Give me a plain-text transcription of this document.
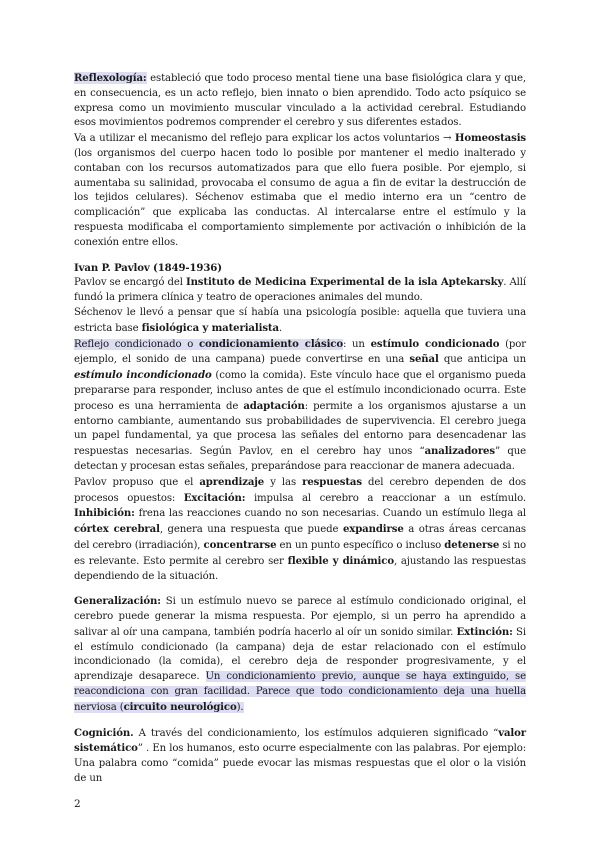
Reflexología: estableció que todo proceso mental tiene una base fisiológica clara y que, en consecuencia, es un acto reflejo, bien innato o bien aprendido. Todo acto psíquico se expresa como un movimiento muscular vinculado a la actividad cerebral. Estudiando esos movimientos podremos comprender el cerebro y sus diferentes estados.

Va a utilizar el mecanismo del reflejo para explicar los actos voluntarios → Homeostasis (los organismos del cuerpo hacen todo lo posible por mantener el medio inalterado y contaban con los recursos automatizados para que ello fuera posible. Por ejemplo, si aumentaba su salinidad, provocaba el consumo de agua a fin de evitar la destrucción de los tejidos celulares). Séchenov estimaba que el medio interno era un “centro de complicación” que explicaba las conductas. Al intercalarse entre el estímulo y la respuesta modificaba el comportamiento simplemente por activación o inhibición de la conexión entre ellos.

Ivan P. Pavlov (1849-1936)

Pavlov se encargó del Instituto de Medicina Experimental de la isla Aptekarsky. Allí fundó la primera clínica y teatro de operaciones animales del mundo.

Séchenov le llevó a pensar que sí había una psicología posible: aquella que tuviera una estricta base fisiológica y materialista.

Reflejo condicionado o condicionamiento clásico: un estímulo condicionado (por ejemplo, el sonido de una campana) puede convertirse en una señal que anticipa un estímulo incondicionado (como la comida). Este vínculo hace que el organismo pueda prepararse para responder, incluso antes de que el estímulo incondicionado ocurra. Este proceso es una herramienta de adaptación: permite a los organismos ajustarse a un entorno cambiante, aumentando sus probabilidades de supervivencia. El cerebro juega un papel fundamental, ya que procesa las señales del entorno para desencadenar las respuestas necesarias. Según Pavlov, en el cerebro hay unos “analizadores” que detectan y procesan estas señales, preparándose para reaccionar de manera adecuada.

Pavlov propuso que el aprendizaje y las respuestas del cerebro dependen de dos procesos opuestos: Excitación: impulsa al cerebro a reaccionar a un estímulo. Inhibición: frena las reacciones cuando no son necesarias. Cuando un estímulo llega al córtex cerebral, genera una respuesta que puede expandirse a otras áreas cercanas del cerebro (irradiación), concentrarse en un punto específico o incluso detenerse si no es relevante. Esto permite al cerebro ser flexible y dinámico, ajustando las respuestas dependiendo de la situación.

Generalización: Si un estímulo nuevo se parece al estímulo condicionado original, el cerebro puede generar la misma respuesta. Por ejemplo, si un perro ha aprendido a salivar al oír una campana, también podría hacerlo al oír un sonido similar. Extinción: Si el estímulo condicionado (la campana) deja de estar relacionado con el estímulo incondicionado (la comida), el cerebro deja de responder progresivamente, y el aprendizaje desaparece. Un condicionamiento previo, aunque se haya extinguido, se reacondiciona con gran facilidad. Parece que todo condicionamiento deja una huella nerviosa (circuito neurológico).

Cognición. A través del condicionamiento, los estímulos adquieren significado “valor sistemático” . En los humanos, esto ocurre especialmente con las palabras. Por ejemplo: Una palabra como “comida” puede evocar las mismas respuestas que el olor o la visión de un

2
